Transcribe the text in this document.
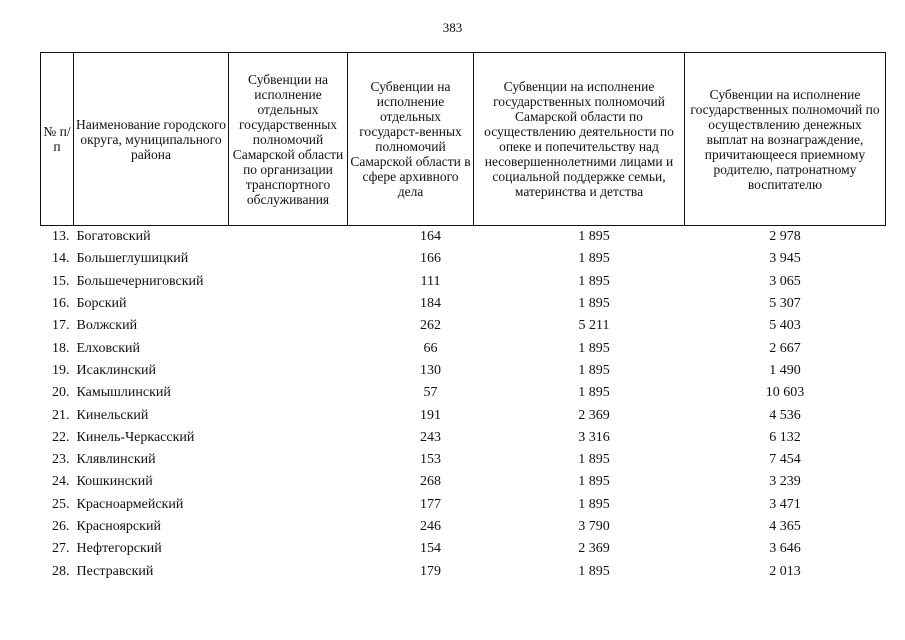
383
№ п/п	Наименование городского округа, муниципального района	Субвенции на исполнение отдельных государственных полномочий Самарской области по организации транспортного обслуживания	Субвенции на исполнение отдельных государст-венных полномочий Самарской области в сфере архивного дела	Субвенции на исполнение государственных полномочий Самарской области по осуществлению деятельности по опеке и попечительству над несовершеннолетними лицами и социальной поддержке семьи, материнства и детства	Субвенции на исполнение государственных полномочий по осуществлению денежных выплат на вознаграждение, причитающееся приемному родителю, патронатному воспитателю
13.	Богатовский		164	1 895	2 978
14.	Большеглушицкий		166	1 895	3 945
15.	Большечерниговский		111	1 895	3 065
16.	Борский		184	1 895	5 307
17.	Волжский		262	5 211	5 403
18.	Елховский		66	1 895	2 667
19.	Исаклинский		130	1 895	1 490
20.	Камышлинский		57	1 895	10 603
21.	Кинельский		191	2 369	4 536
22.	Кинель-Черкасский		243	3 316	6 132
23.	Клявлинский		153	1 895	7 454
24.	Кошкинский		268	1 895	3 239
25.	Красноармейский		177	1 895	3 471
26.	Красноярский		246	3 790	4 365
27.	Нефтегорский		154	2 369	3 646
28.	Пестравский		179	1 895	2 013
